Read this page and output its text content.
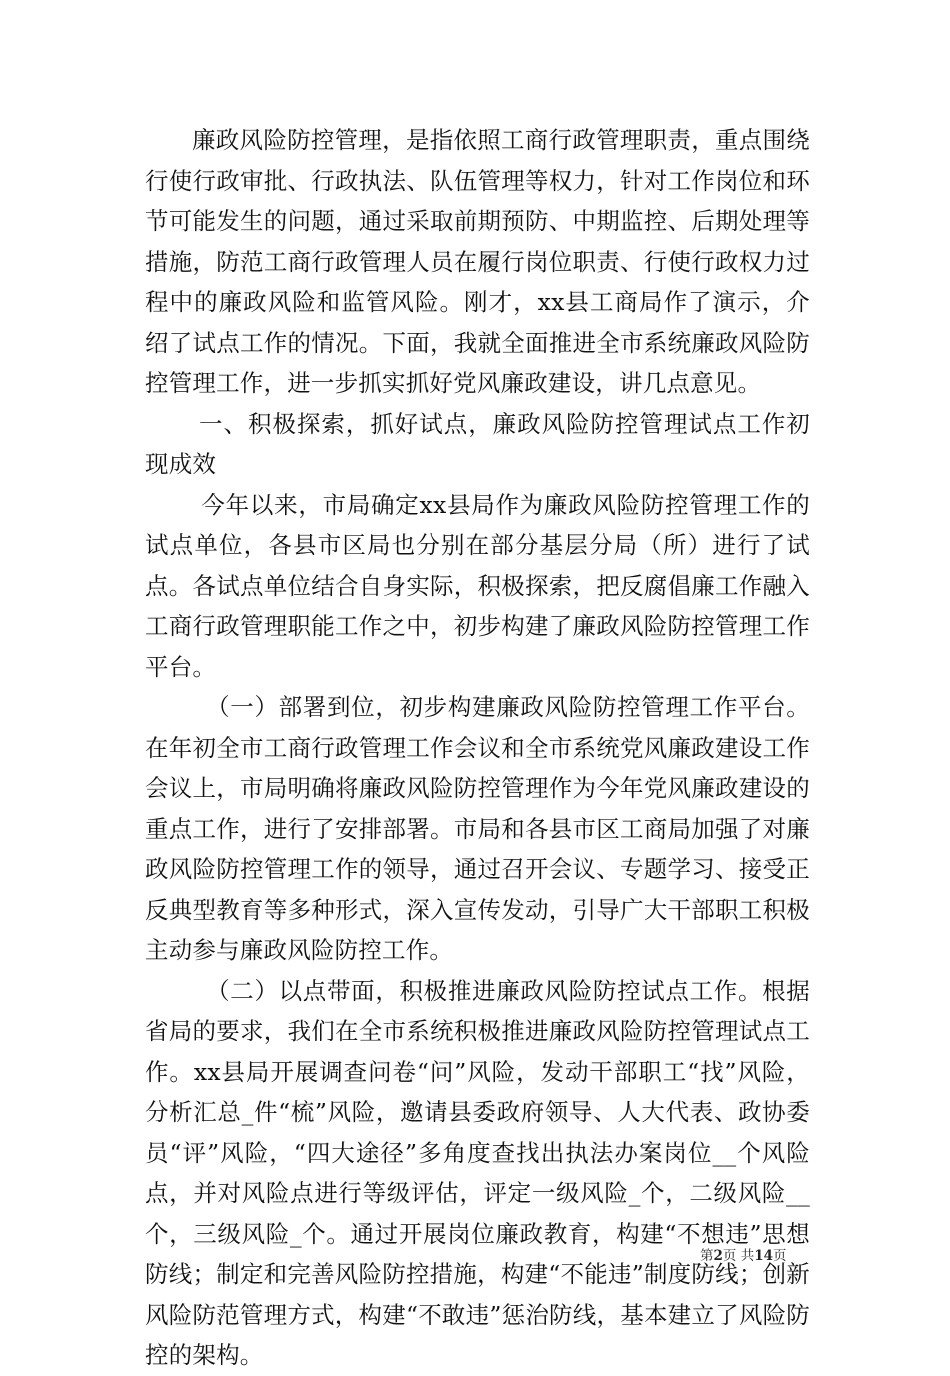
廉政风险防控管理，是指依照工商行政管理职责，重点围绕行使行政审批、行政执法、队伍管理等权力，针对工作岗位和环节可能发生的问题，通过采取前期预防、中期监控、后期处理等措施，防范工商行政管理人员在履行岗位职责、行使行政权力过程中的廉政风险和监管风险。刚才，xx县工商局作了演示，介绍了试点工作的情况。下面，我就全面推进全市系统廉政风险防控管理工作，进一步抓实抓好党风廉政建设，讲几点意见。

一、积极探索，抓好试点，廉政风险防控管理试点工作初现成效

今年以来，市局确定xx县局作为廉政风险防控管理工作的试点单位，各县市区局也分别在部分基层分局（所）进行了试点。各试点单位结合自身实际，积极探索，把反腐倡廉工作融入工商行政管理职能工作之中，初步构建了廉政风险防控管理工作平台。

（一）部署到位，初步构建廉政风险防控管理工作平台。在年初全市工商行政管理工作会议和全市系统党风廉政建设工作会议上，市局明确将廉政风险防控管理作为今年党风廉政建设的重点工作，进行了安排部署。市局和各县市区工商局加强了对廉政风险防控管理工作的领导，通过召开会议、专题学习、接受正反典型教育等多种形式，深入宣传发动，引导广大干部职工积极主动参与廉政风险防控工作。

（二）以点带面，积极推进廉政风险防控试点工作。根据省局的要求，我们在全市系统积极推进廉政风险防控管理试点工作。xx县局开展调查问卷“问”风险，发动干部职工“找”风险，分析汇总_件“梳”风险，邀请县委政府领导、人大代表、政协委员“评”风险，“四大途径”多角度查找出执法办案岗位__个风险点，并对风险点进行等级评估，评定一级风险_个，二级风险__个，三级风险_个。通过开展岗位廉政教育，构建“不想违”思想防线；制定和完善风险防控措施，构建“不能违”制度防线；创新风险防范管理方式，构建“不敢违”惩治防线，基本建立了风险防控的架构。

第2页 共14页
